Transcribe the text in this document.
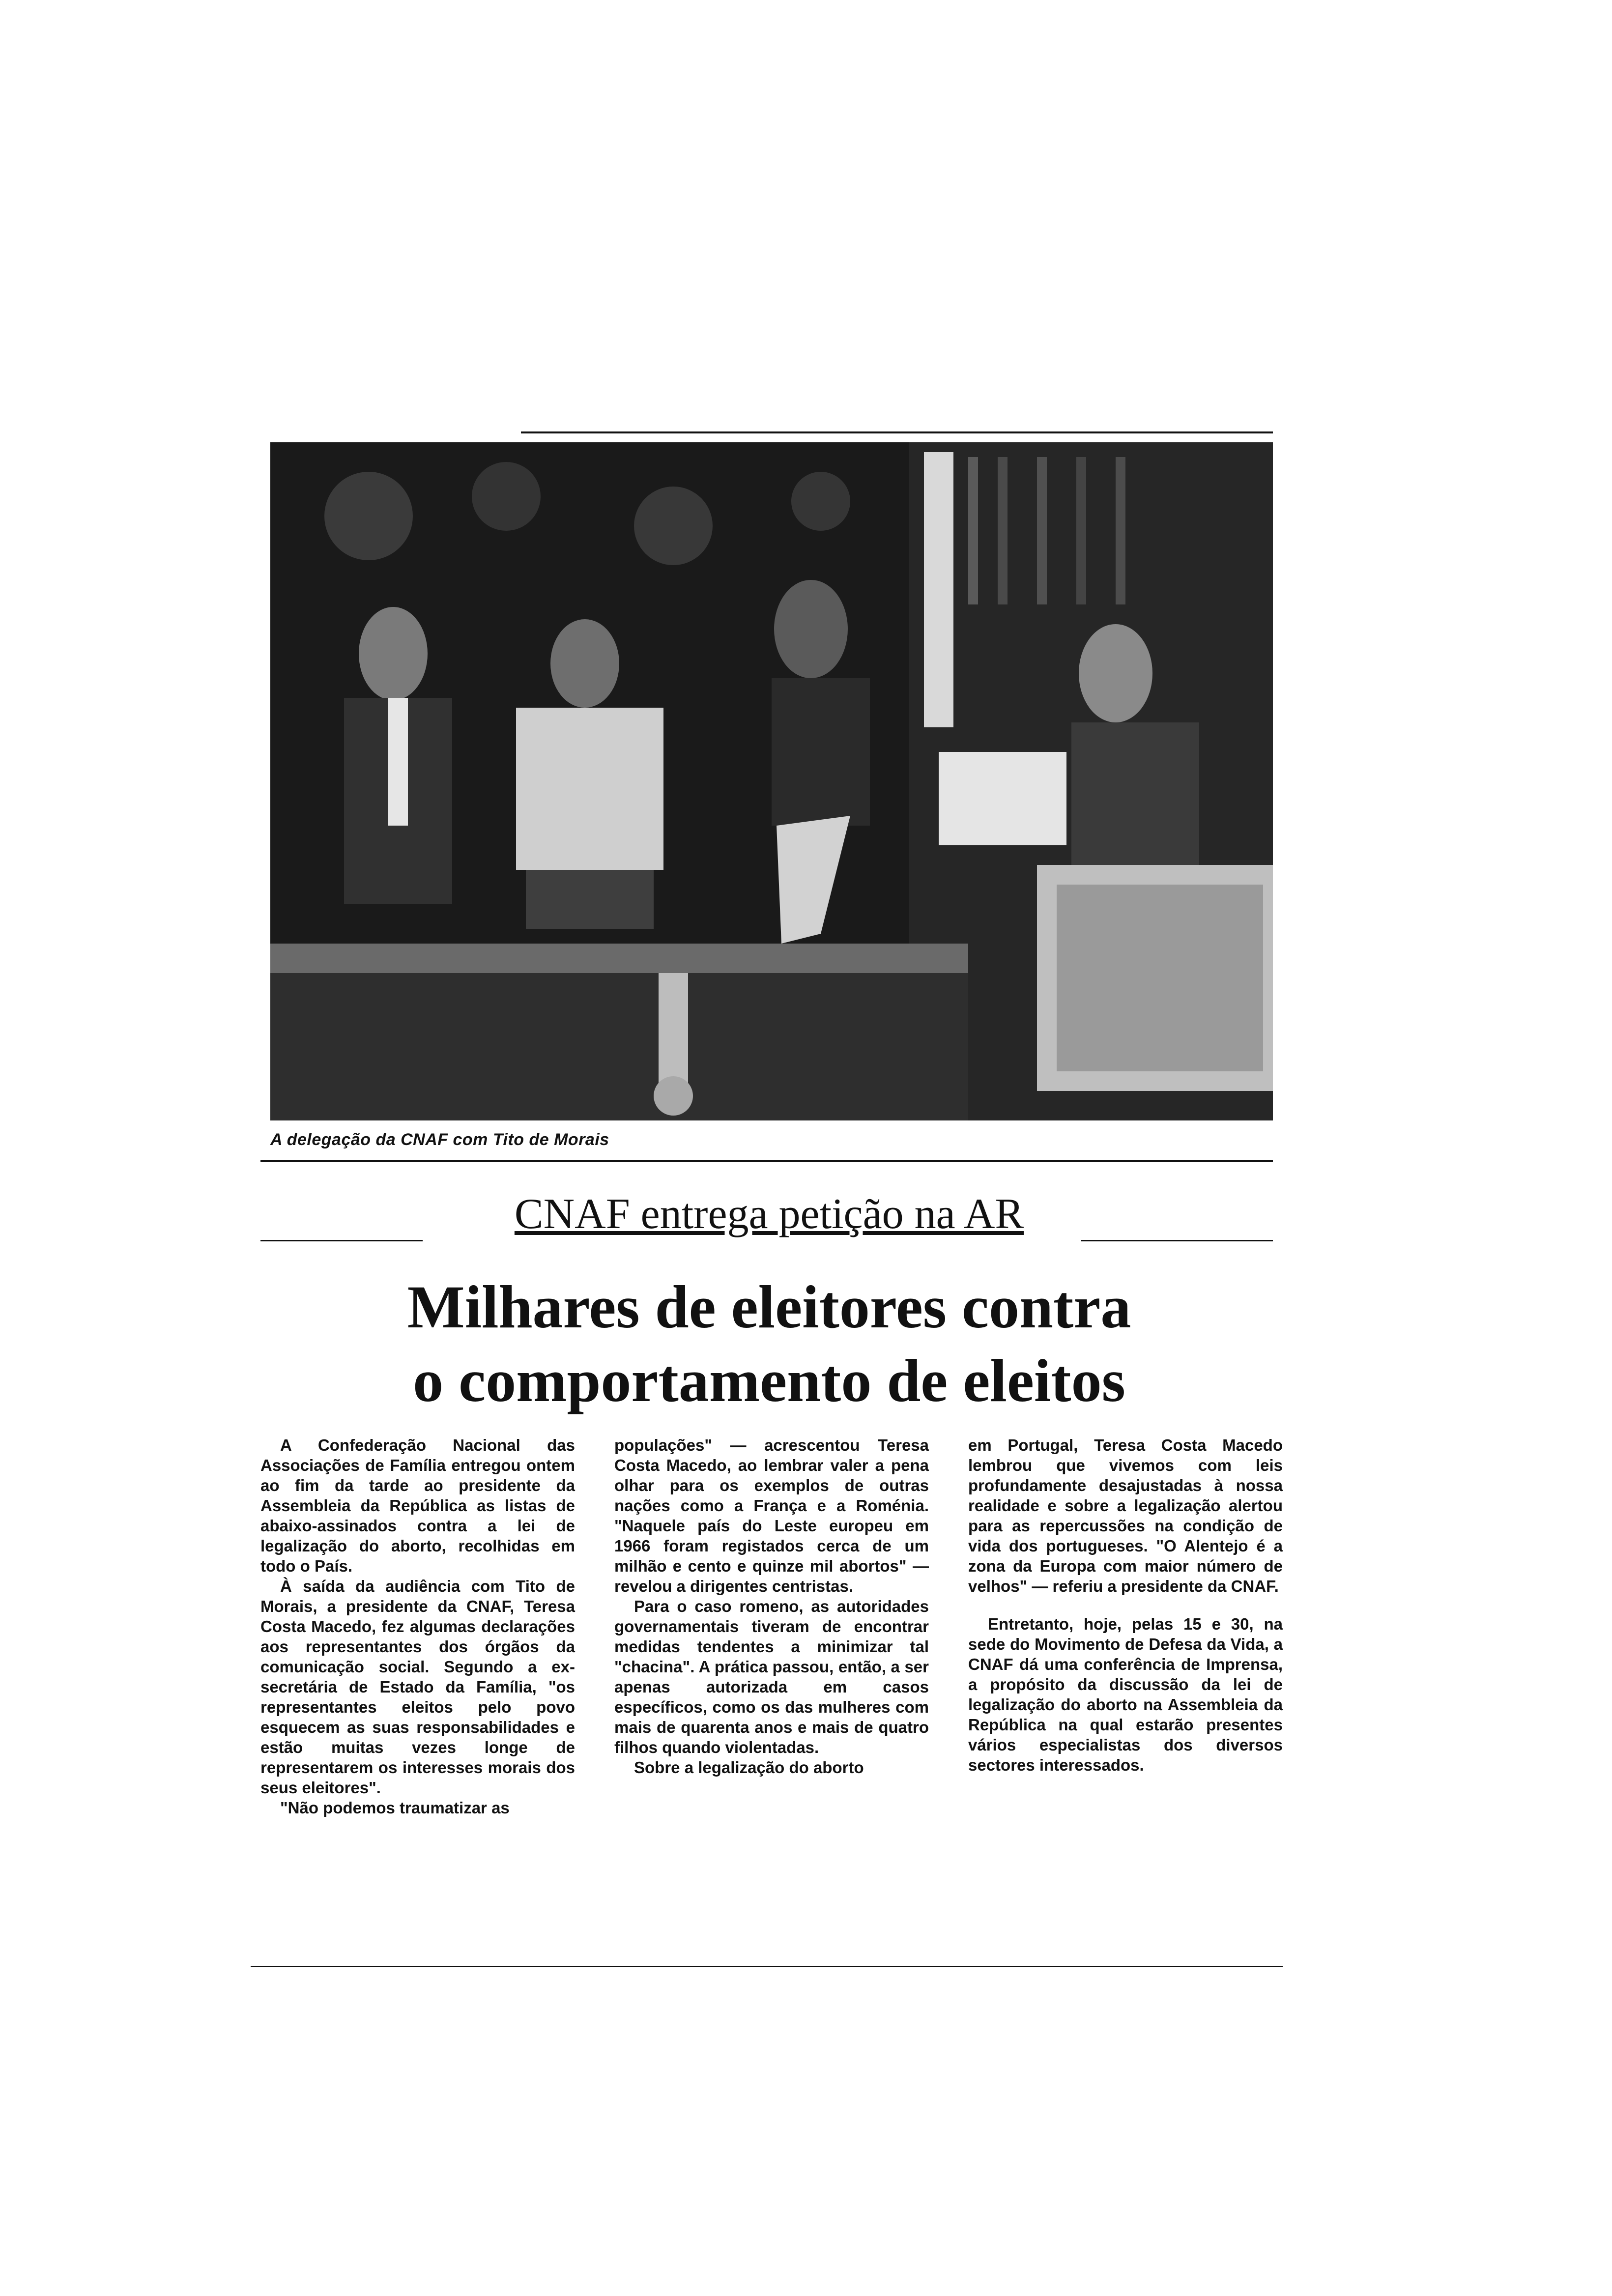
A delegação da CNAF com Tito de Morais
CNAF entrega petição na AR
Milhares de eleitores contra
o comportamento de eleitos

A Confederação Nacional das Associações de Família entregou ontem ao fim da tarde ao presidente da Assembleia da República as listas de abaixo-assinados contra a lei de legalização do aborto, recolhidas em todo o País.

À saída da audiência com Tito de Morais, a presidente da CNAF, Teresa Costa Macedo, fez algumas declarações aos representantes dos órgãos da comunicação social. Segundo a ex-secretária de Estado da Família, "os representantes eleitos pelo povo esquecem as suas responsabilidades e estão muitas vezes longe de representarem os interesses morais dos seus eleitores".

"Não podemos traumatizar as

populações" — acrescentou Teresa Costa Macedo, ao lembrar valer a pena olhar para os exemplos de outras nações como a França e a Roménia. "Naquele país do Leste europeu em 1966 foram registados cerca de um milhão e cento e quinze mil abortos" — revelou a dirigentes centristas.

Para o caso romeno, as autoridades governamentais tiveram de encontrar medidas tendentes a minimizar tal "chacina". A prática passou, então, a ser apenas autorizada em casos específicos, como os das mulheres com mais de quarenta anos e mais de quatro filhos quando violentadas.

Sobre a legalização do aborto

em Portugal, Teresa Costa Macedo lembrou que vivemos com leis profundamente desajustadas à nossa realidade e sobre a legalização alertou para as repercussões na condição de vida dos portugueses. "O Alentejo é a zona da Europa com maior número de velhos" — referiu a presidente da CNAF.

Entretanto, hoje, pelas 15 e 30, na sede do Movimento de Defesa da Vida, a CNAF dá uma conferência de Imprensa, a propósito da discussão da lei de legalização do aborto na Assembleia da República na qual estarão presentes vários especialistas dos diversos sectores interessados.
